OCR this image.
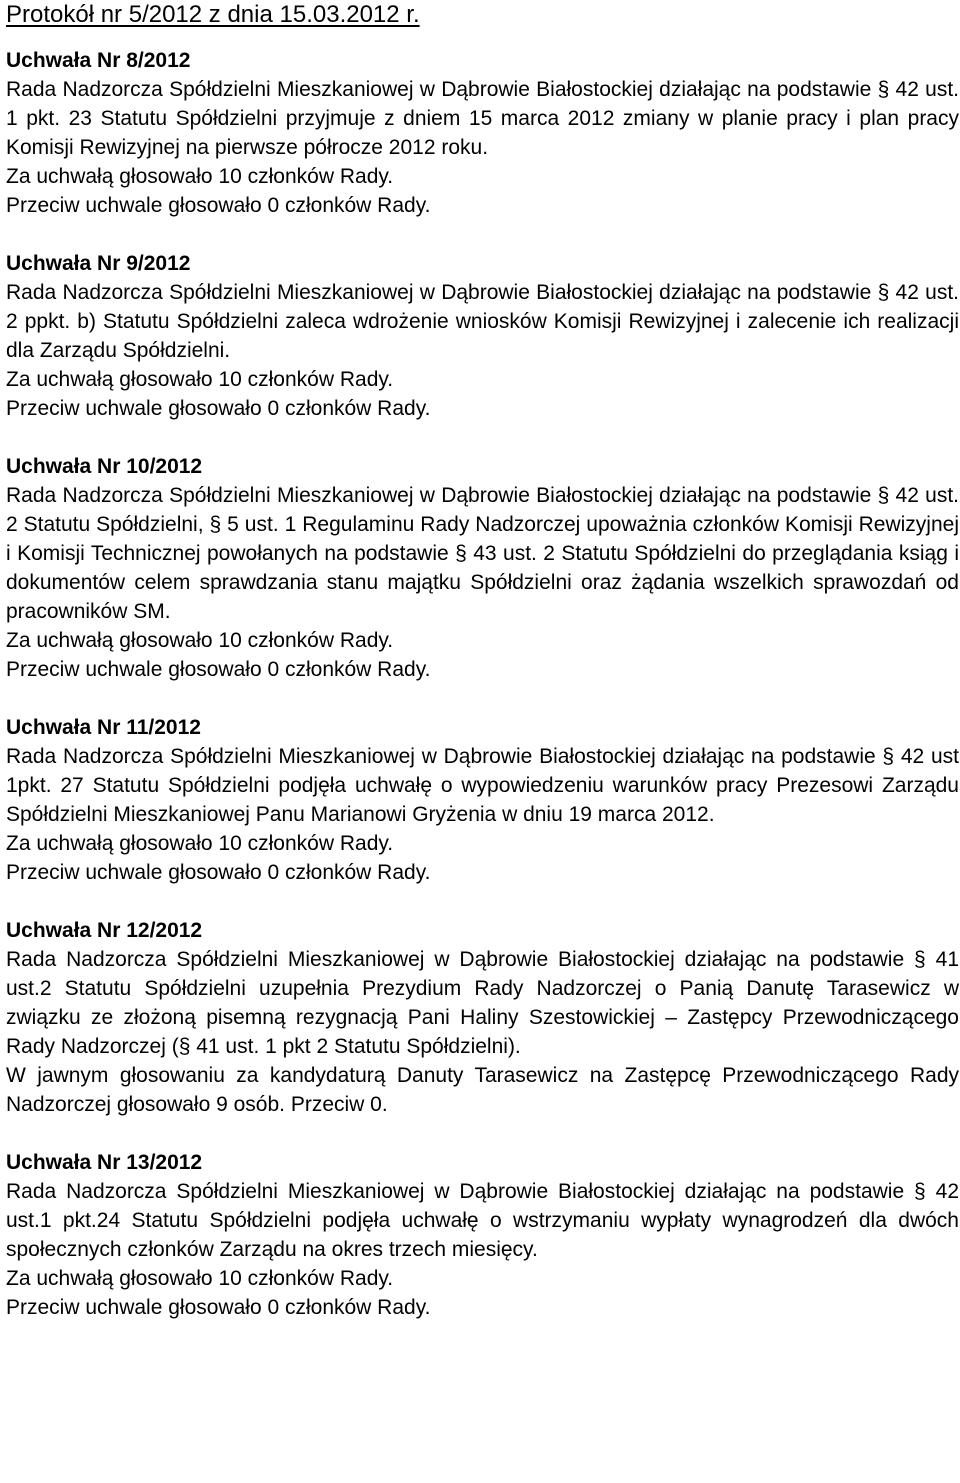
Protokół nr 5/2012 z dnia 15.03.2012 r.
Uchwała Nr 8/2012
Rada Nadzorcza Spółdzielni Mieszkaniowej w Dąbrowie Białostockiej działając na podstawie § 42 ust. 1 pkt. 23 Statutu Spółdzielni przyjmuje z dniem 15 marca 2012 zmiany w planie pracy i plan pracy Komisji Rewizyjnej na pierwsze półrocze 2012 roku.
Za uchwałą głosowało 10 członków Rady.
Przeciw uchwale głosowało 0 członków Rady.
Uchwała Nr 9/2012
Rada Nadzorcza Spółdzielni Mieszkaniowej w Dąbrowie Białostockiej działając na podstawie § 42 ust. 2 ppkt. b) Statutu Spółdzielni zaleca wdrożenie wniosków Komisji Rewizyjnej i zalecenie ich realizacji dla Zarządu Spółdzielni.
Za uchwałą głosowało 10 członków Rady.
Przeciw uchwale głosowało 0 członków Rady.
Uchwała Nr 10/2012
Rada Nadzorcza Spółdzielni Mieszkaniowej w Dąbrowie Białostockiej działając na podstawie § 42 ust. 2 Statutu Spółdzielni, § 5 ust. 1 Regulaminu Rady Nadzorczej upoważnia członków Komisji Rewizyjnej i Komisji Technicznej powołanych na podstawie § 43 ust. 2 Statutu Spółdzielni do przeglądania ksiąg i dokumentów celem sprawdzania stanu majątku Spółdzielni oraz żądania wszelkich sprawozdań od pracowników SM.
Za uchwałą głosowało 10 członków Rady.
Przeciw uchwale głosowało 0 członków Rady.
Uchwała Nr 11/2012
Rada Nadzorcza Spółdzielni Mieszkaniowej w Dąbrowie Białostockiej działając na podstawie § 42 ust 1pkt. 27 Statutu Spółdzielni podjęła uchwałę o wypowiedzeniu warunków pracy Prezesowi Zarządu Spółdzielni Mieszkaniowej Panu Marianowi Gryżenia w dniu 19 marca 2012.
Za uchwałą głosowało 10 członków Rady.
Przeciw uchwale głosowało 0 członków Rady.
Uchwała Nr 12/2012
Rada Nadzorcza Spółdzielni Mieszkaniowej w Dąbrowie Białostockiej działając na podstawie § 41 ust.2 Statutu Spółdzielni uzupełnia Prezydium Rady Nadzorczej o Panią Danutę Tarasewicz w związku ze złożoną pisemną rezygnacją Pani Haliny Szestowickiej – Zastępcy Przewodniczącego Rady Nadzorczej (§ 41 ust. 1 pkt 2 Statutu Spółdzielni).
W jawnym głosowaniu za kandydaturą Danuty Tarasewicz na Zastępcę Przewodniczącego Rady Nadzorczej głosowało 9 osób. Przeciw 0.
Uchwała Nr 13/2012
Rada Nadzorcza Spółdzielni Mieszkaniowej w Dąbrowie Białostockiej działając na podstawie § 42 ust.1 pkt.24 Statutu Spółdzielni podjęła uchwałę o wstrzymaniu wypłaty wynagrodzeń dla dwóch społecznych członków Zarządu na okres trzech miesięcy.
Za uchwałą głosowało 10 członków Rady.
Przeciw uchwale głosowało 0 członków Rady.
